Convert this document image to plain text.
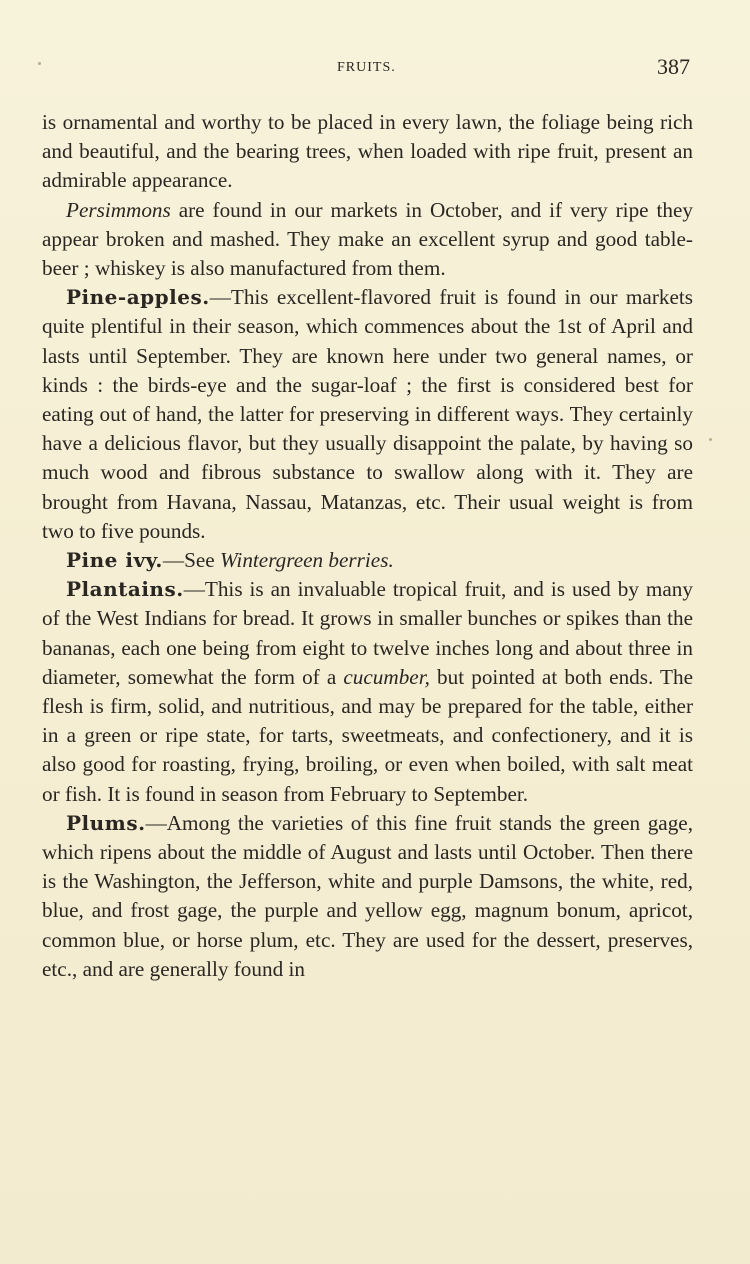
FRUITS.	387

is ornamental and worthy to be placed in every lawn, the foliage being rich and beautiful, and the bearing trees, when loaded with ripe fruit, present an admirable appearance.

Persimmons are found in our markets in October, and if very ripe they appear broken and mashed. They make an excellent syrup and good table-beer ; whiskey is also manufactured from them.

Pine-apples.—This excellent-flavored fruit is found in our markets quite plentiful in their season, which commences about the 1st of April and lasts until September. They are known here under two general names, or kinds : the birds-eye and the sugar-loaf ; the first is considered best for eating out of hand, the latter for preserving in different ways. They certainly have a delicious flavor, but they usually disappoint the palate, by having so much wood and fibrous substance to swallow along with it. They are brought from Havana, Nassau, Matanzas, etc. Their usual weight is from two to five pounds.

Pine ivy.—See Wintergreen berries.

Plantains.—This is an invaluable tropical fruit, and is used by many of the West Indians for bread. It grows in smaller bunches or spikes than the bananas, each one being from eight to twelve inches long and about three in diameter, somewhat the form of a cucumber, but pointed at both ends. The flesh is firm, solid, and nutritious, and may be prepared for the table, either in a green or ripe state, for tarts, sweetmeats, and confectionery, and it is also good for roasting, frying, broiling, or even when boiled, with salt meat or fish. It is found in season from February to September.

Plums.—Among the varieties of this fine fruit stands the green gage, which ripens about the middle of August and lasts until October. Then there is the Washington, the Jefferson, white and purple Damsons, the white, red, blue, and frost gage, the purple and yellow egg, magnum bonum, apricot, common blue, or horse plum, etc. They are used for the dessert, preserves, etc., and are generally found in
